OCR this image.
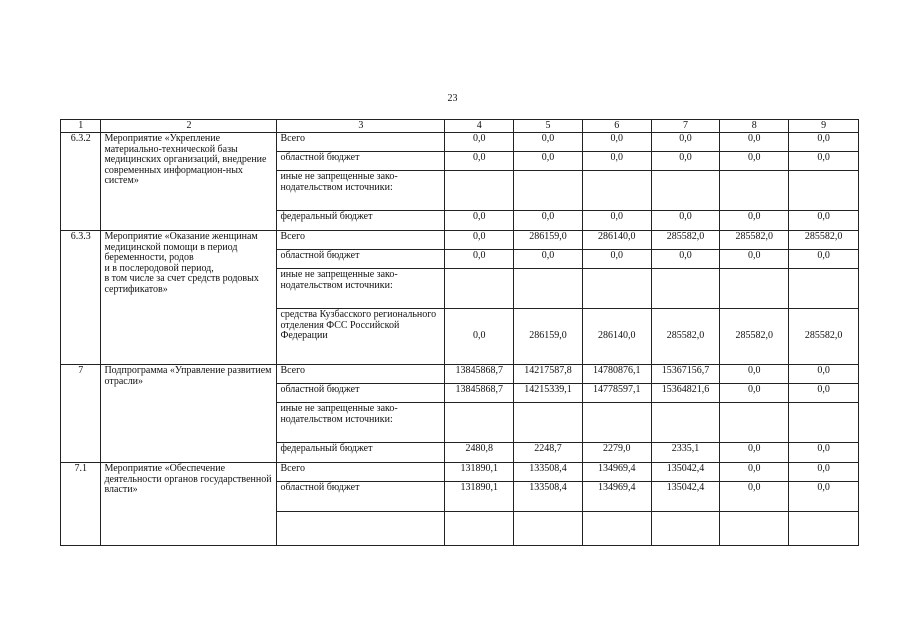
23
1	2	3	4	5	6	7	8	9
6.3.2	Мероприятие «Укрепление материально-технической базы медицинских организаций, внедрение современных информацион-ных систем»	Всего	0,0	0,0	0,0	0,0	0,0	0,0
		областной бюджет	0,0	0,0	0,0	0,0	0,0	0,0
		иные не запрещенные зако-нодательством источники:						
		федеральный бюджет	0,0	0,0	0,0	0,0	0,0	0,0
6.3.3	Мероприятие «Оказание женщинам медицинской помощи в период беременности, родов
и в послеродовой период,
в том числе за счет средств родовых сертификатов»	Всего	0,0	286159,0	286140,0	285582,0	285582,0	285582,0
		областной бюджет	0,0	0,0	0,0	0,0	0,0	0,0
		иные не запрещенные зако-нодательством источники:						
		средства Кузбасского регионального отделения ФСС Российской Федерации	0,0	286159,0	286140,0	285582,0	285582,0	285582,0
7	Подпрограмма «Управление развитием отрасли»	Всего	13845868,7	14217587,8	14780876,1	15367156,7	0,0	0,0
		областной бюджет	13845868,7	14215339,1	14778597,1	15364821,6	0,0	0,0
		иные не запрещенные зако-нодательством источники:						
		федеральный бюджет	2480,8	2248,7	2279,0	2335,1	0,0	0,0
7.1	Мероприятие «Обеспечение деятельности органов государственной власти»	Всего	131890,1	133508,4	134969,4	135042,4	0,0	0,0
		областной бюджет	131890,1	133508,4	134969,4	135042,4	0,0	0,0
